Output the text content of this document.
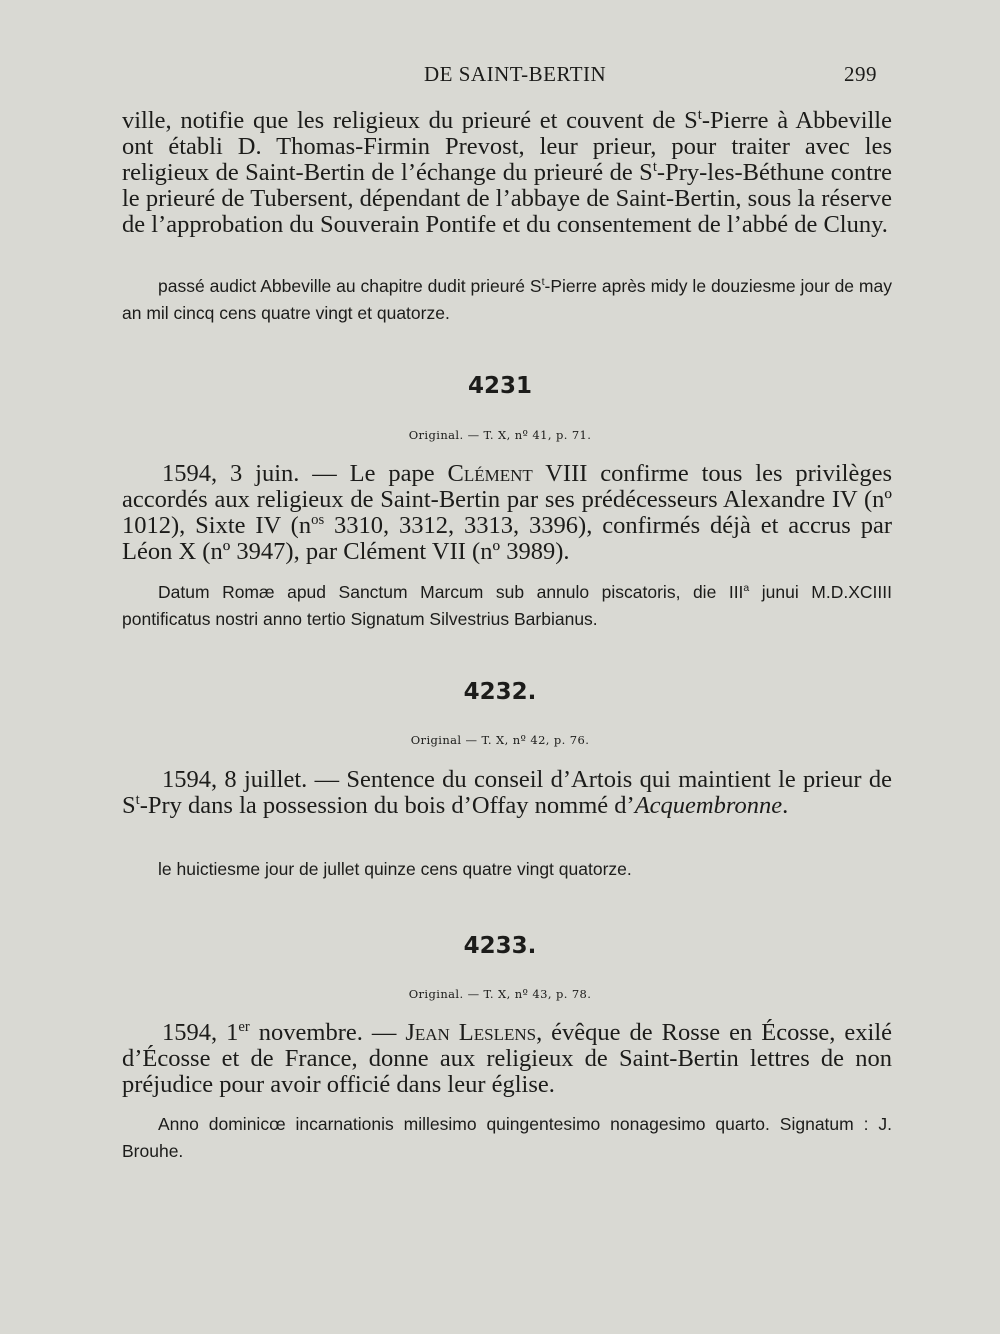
DE SAINT-BERTIN	299

ville, notifie que les religieux du prieuré et couvent de $S^t$-Pierre à Abbeville ont établi D. Thomas-Firmin Prevost, leur prieur, pour traiter avec les religieux de Saint-Bertin de l’échange du prieuré de $S^t-Pry-les$-Béthune contre le prieuré de Tubersent, dépendant de l’abbaye de Saint-Bertin, sous la réserve de l’approbation du Souverain Pontife et du consentement de l’abbé de Cluny.

passé audict Abbeville au chapitre dudit prieuré $S^t$-Pierre après midy le douziesme jour de may an mil cincq cens quatre vingt et quatorze.

4231
Original. — T. X, nº 41, p. 71.

1594, 3 juin. — Le pape Clément VIII confirme tous les privilèges accordés aux religieux de Saint-Bertin par ses prédécesseurs Alexandre IV (nº 1012), Sixte IV ($n^{os}$ 3310, 3312, 3313, 3396), confirmés déjà et accrus par Léon X (nº 3947), par Clément VII (nº 3989).

Datum Romæ apud Sanctum Marcum sub annulo piscatoris, die III$^a$ junui M.D.XCIIII pontificatus nostri anno tertio Signatum Silvestrius Barbianus.

4232.
Original — T. X, nº 42, p. 76.

1594, 8 juillet. — Sentence du conseil d’Artois qui maintient le prieur de $S^t$-Pry dans la possession du bois d’Offay nommé d’Acquembronne.

le huictiesme jour de jullet quinze cens quatre vingt quatorze.

4233.
Original. — T. X, nº 43, p. 78.

1594, 1er novembre. — Jean Leslens, évêque de Rosse en Écosse, exilé d’Écosse et de France, donne aux religieux de Saint-Bertin lettres de non préjudice pour avoir officié dans leur église.

Anno dominicœ incarnationis millesimo quingentesimo nonagesimo quarto. Signatum : J. Brouhe.
